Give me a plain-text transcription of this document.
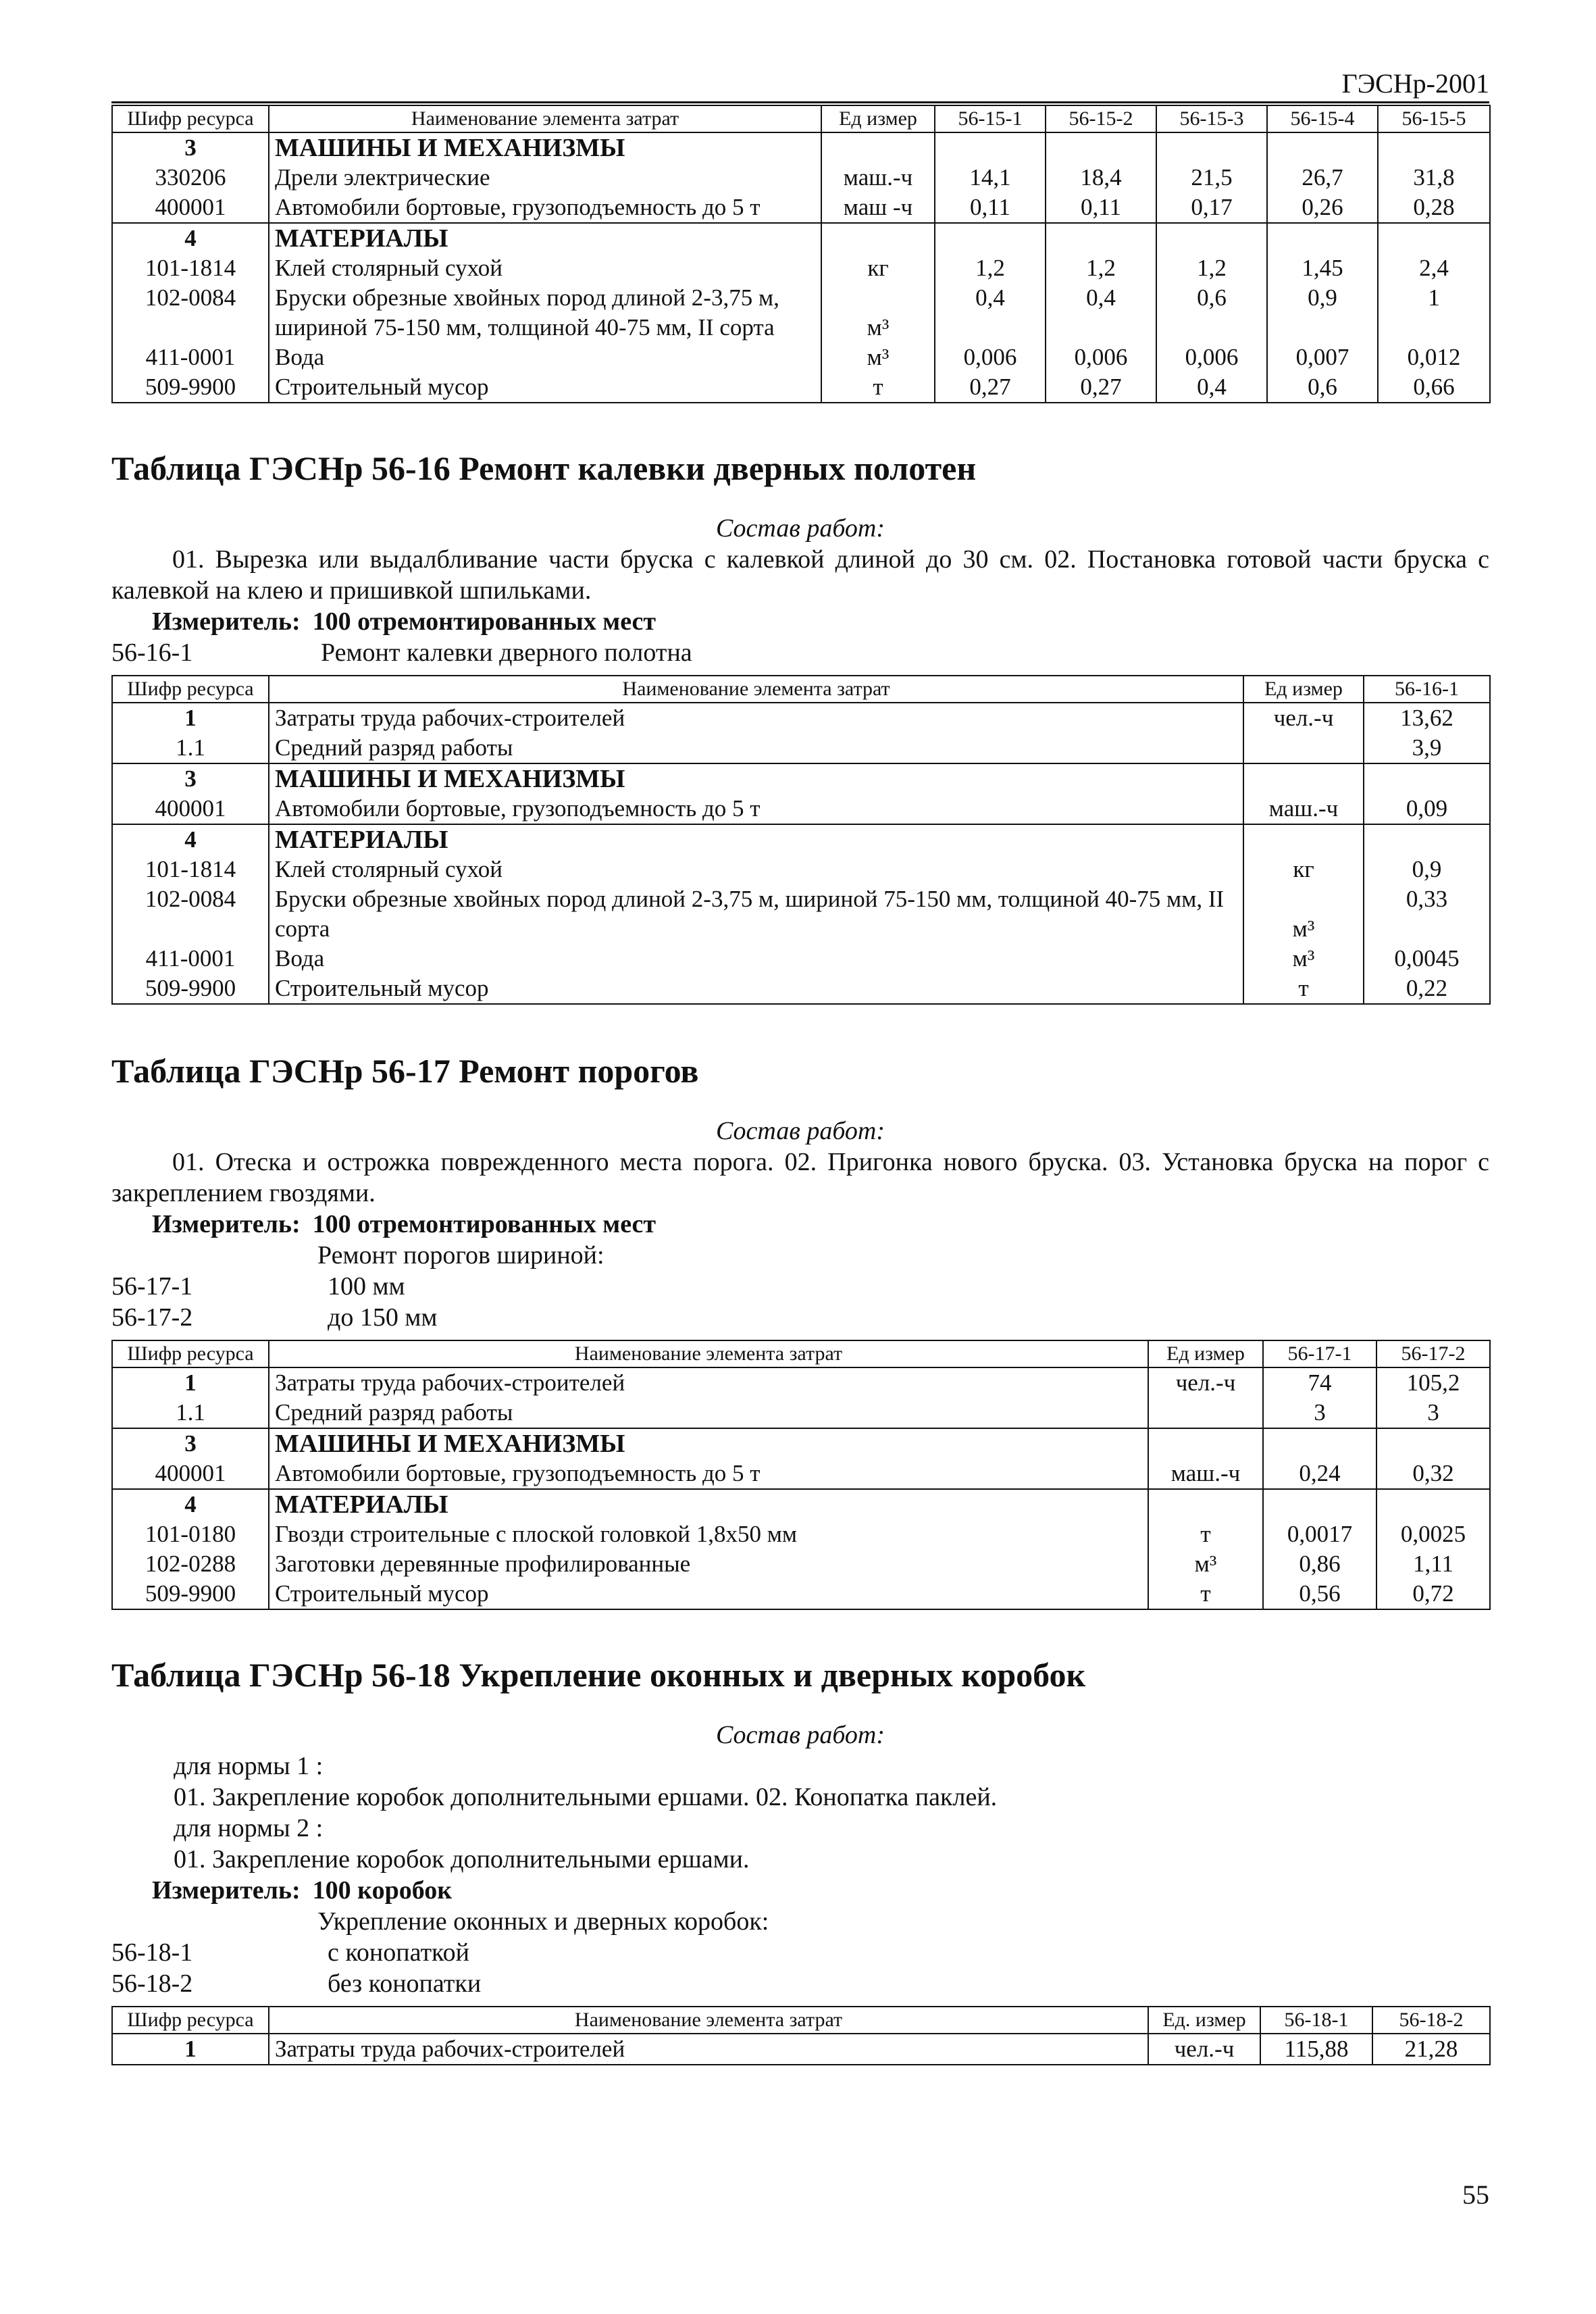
ГЭСНр-2001
Шифр ресурса	Наименование элемента затрат	Ед измер	56-15-1	56-15-2	56-15-3	56-15-4	56-15-5
3	МАШИНЫ И МЕХАНИЗМЫ						
330206	Дрели электрические	маш.-ч	14,1	18,4	21,5	26,7	31,8
400001	Автомобили бортовые, грузоподъемность до 5 т	маш -ч	0,11	0,11	0,17	0,26	0,28
4	МАТЕРИАЛЫ						
101-1814	Клей столярный сухой	кг	1,2	1,2	1,2	1,45	2,4
102-0084	Бруски обрезные хвойных пород длиной 2-3,75 м, шириной 75-150 мм, толщиной 40-75 мм, II сорта	м³	0,4	0,4	0,6	0,9	1
411-0001	Вода	м³	0,006	0,006	0,006	0,007	0,012
509-9900	Строительный мусор	т	0,27	0,27	0,4	0,6	0,66
Таблица ГЭСНр 56-16 Ремонт калевки дверных полотен
Состав работ:

01. Вырезка или выдалбливание части бруска с калевкой длиной до 30 см. 02. Постановка готовой части бруска с калевкой на клею и пришивкой шпильками.

Измеритель: 100 отремонтированных мест
56-16-1	Ремонт калевки дверного полотна
Шифр ресурса	Наименование элемента затрат	Ед измер	56-16-1
1	Затраты труда рабочих-строителей	чел.-ч	13,62
1.1	Средний разряд работы		3,9
3	МАШИНЫ И МЕХАНИЗМЫ		
400001	Автомобили бортовые, грузоподъемность до 5 т	маш.-ч	0,09
4	МАТЕРИАЛЫ		
101-1814	Клей столярный сухой	кг	0,9
102-0084	Бруски обрезные хвойных пород длиной 2-3,75 м, шириной 75-150 мм, толщиной 40-75 мм, II сорта	м³	0,33
411-0001	Вода	м³	0,0045
509-9900	Строительный мусор	т	0,22
Таблица ГЭСНр 56-17 Ремонт порогов
Состав работ:

01. Отеска и острожка поврежденного места порога. 02. Пригонка нового бруска. 03. Установка бруска на порог с закреплением гвоздями.

Измеритель: 100 отремонтированных мест
Ремонт порогов шириной:
56-17-1	100 мм
56-17-2	до 150 мм
Шифр ресурса	Наименование элемента затрат	Ед измер	56-17-1	56-17-2
1	Затраты труда рабочих-строителей	чел.-ч	74	105,2
1.1	Средний разряд работы		3	3
3	МАШИНЫ И МЕХАНИЗМЫ			
400001	Автомобили бортовые, грузоподъемность до 5 т	маш.-ч	0,24	0,32
4	МАТЕРИАЛЫ			
101-0180	Гвозди строительные с плоской головкой 1,8х50 мм	т	0,0017	0,0025
102-0288	Заготовки деревянные профилированные	м³	0,86	1,11
509-9900	Строительный мусор	т	0,56	0,72
Таблица ГЭСНр 56-18 Укрепление оконных и дверных коробок
Состав работ:

для нормы 1 :

01. Закрепление коробок дополнительными ершами. 02. Конопатка паклей.

для нормы 2 :

01. Закрепление коробок дополнительными ершами.

Измеритель: 100 коробок
Укрепление оконных и дверных коробок:
56-18-1	с конопаткой
56-18-2	без конопатки
Шифр ресурса	Наименование элемента затрат	Ед. измер	56-18-1	56-18-2
1	Затраты труда рабочих-строителей	чел.-ч	115,88	21,28
55
